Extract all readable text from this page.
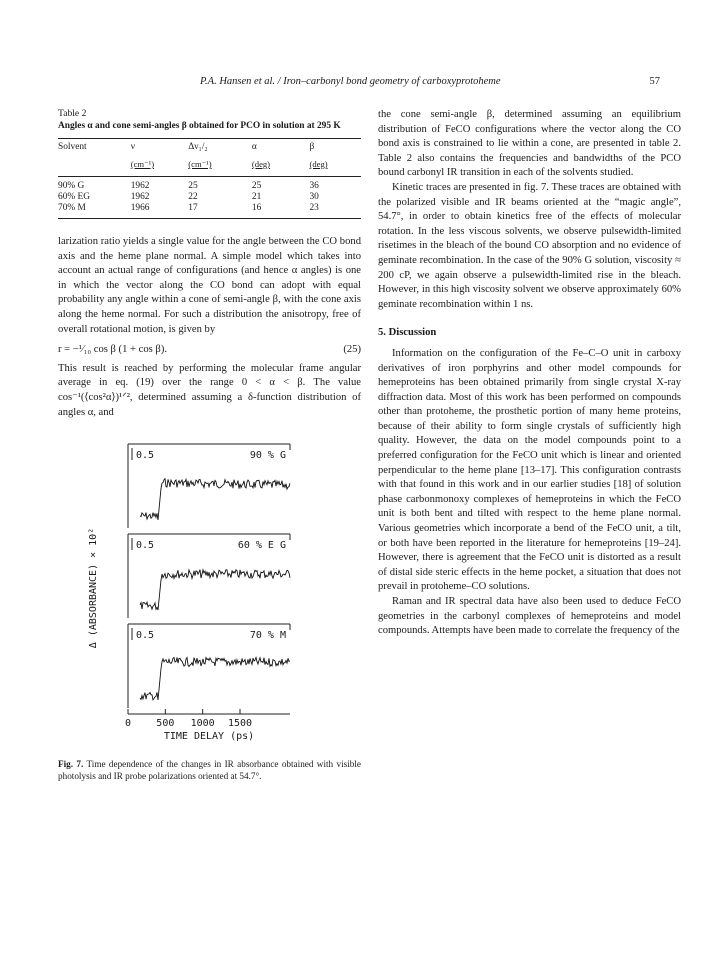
P.A. Hansen et al. / Iron–carbonyl bond geometry of carboxyprotoheme	57
Table 2
Angles α and cone semi-angles β obtained for PCO in solution at 295 K
Solvent	ν	Δν₁/₂	α	β
	(cm⁻¹)	(cm⁻¹)	(deg)	(deg)
90% G	1962	25	25	36
60% EG	1962	22	21	30
70% M	1966	17	16	23

larization ratio yields a single value for the angle between the CO bond axis and the heme plane normal. A simple model which takes into account an actual range of configurations (and hence α angles) is one in which the vector along the CO bond can adopt with equal probability any angle within a cone of semi-angle β, with the cone axis along the heme normal. For such a distribution the anisotropy, free of overall rotational motion, is given by

r = −¹⁄₁₀ cos β (1 + cos β).	(25)

This result is reached by performing the molecular frame angular average in eq. (19) over the range 0 < α < β. The value cos⁻¹(⟨cos²α⟩)¹ᐟ², determined assuming a δ-function distribution of angles α, and

0.5	90 % G
0.5	60 % E G
0.5	70 % M
0	500 1000 1500
TIME DELAY (ps)
Δ (ABSORBANCE) × 10²

Fig. 7. Time dependence of the changes in IR absorbance obtained with visible photolysis and IR probe polarizations oriented at 54.7°.

the cone semi-angle β, determined assuming an equilibrium distribution of FeCO configurations where the vector along the CO bond axis is constrained to lie within a cone, are presented in table 2. Table 2 also contains the frequencies and bandwidths of the PCO bound carbonyl IR transition in each of the solvents studied.

Kinetic traces are presented in fig. 7. These traces are obtained with the polarized visible and IR beams oriented at the “magic angle”, 54.7°, in order to obtain kinetics free of the effects of molecular rotation. In the less viscous solvents, we observe pulsewidth-limited risetimes in the bleach of the bound CO absorption and no evidence of geminate recombination. In the case of the 90% G solution, viscosity ≈ 200 cP, we again observe a pulsewidth-limited rise in the bleach. However, in this high viscosity solvent we observe approximately 60% geminate recombination within 1 ns.

5. Discussion

Information on the configuration of the Fe–C–O unit in carboxy derivatives of iron porphyrins and other model compounds for hemeproteins has been obtained primarily from single crystal X-ray diffraction data. Most of this work has been performed on compounds other than protoheme, the prosthetic portion of many heme proteins, because of their ability to form single crystals of sufficiently high quality. However, the data on the model compounds point to a preferred configuration for the FeCO unit which is linear and oriented perpendicular to the heme plane [13–17]. This configuration contrasts with that found in this work and in our earlier studies [18] of solution phase carbonmonoxy complexes of hemeproteins in which the FeCO unit is both bent and tilted with respect to the heme plane normal. Various geometries which incorporate a bend of the FeCO unit, a tilt, or both have been reported in the literature for hemeproteins [19–24]. However, there is agreement that the FeCO unit is distorted as a result of distal side steric effects in the heme pocket, a situation that does not prevail in protoheme–CO solutions.

Raman and IR spectral data have also been used to deduce FeCO geometries in the carbonyl complexes of hemeproteins and model compounds. Attempts have been made to correlate the frequency of the
